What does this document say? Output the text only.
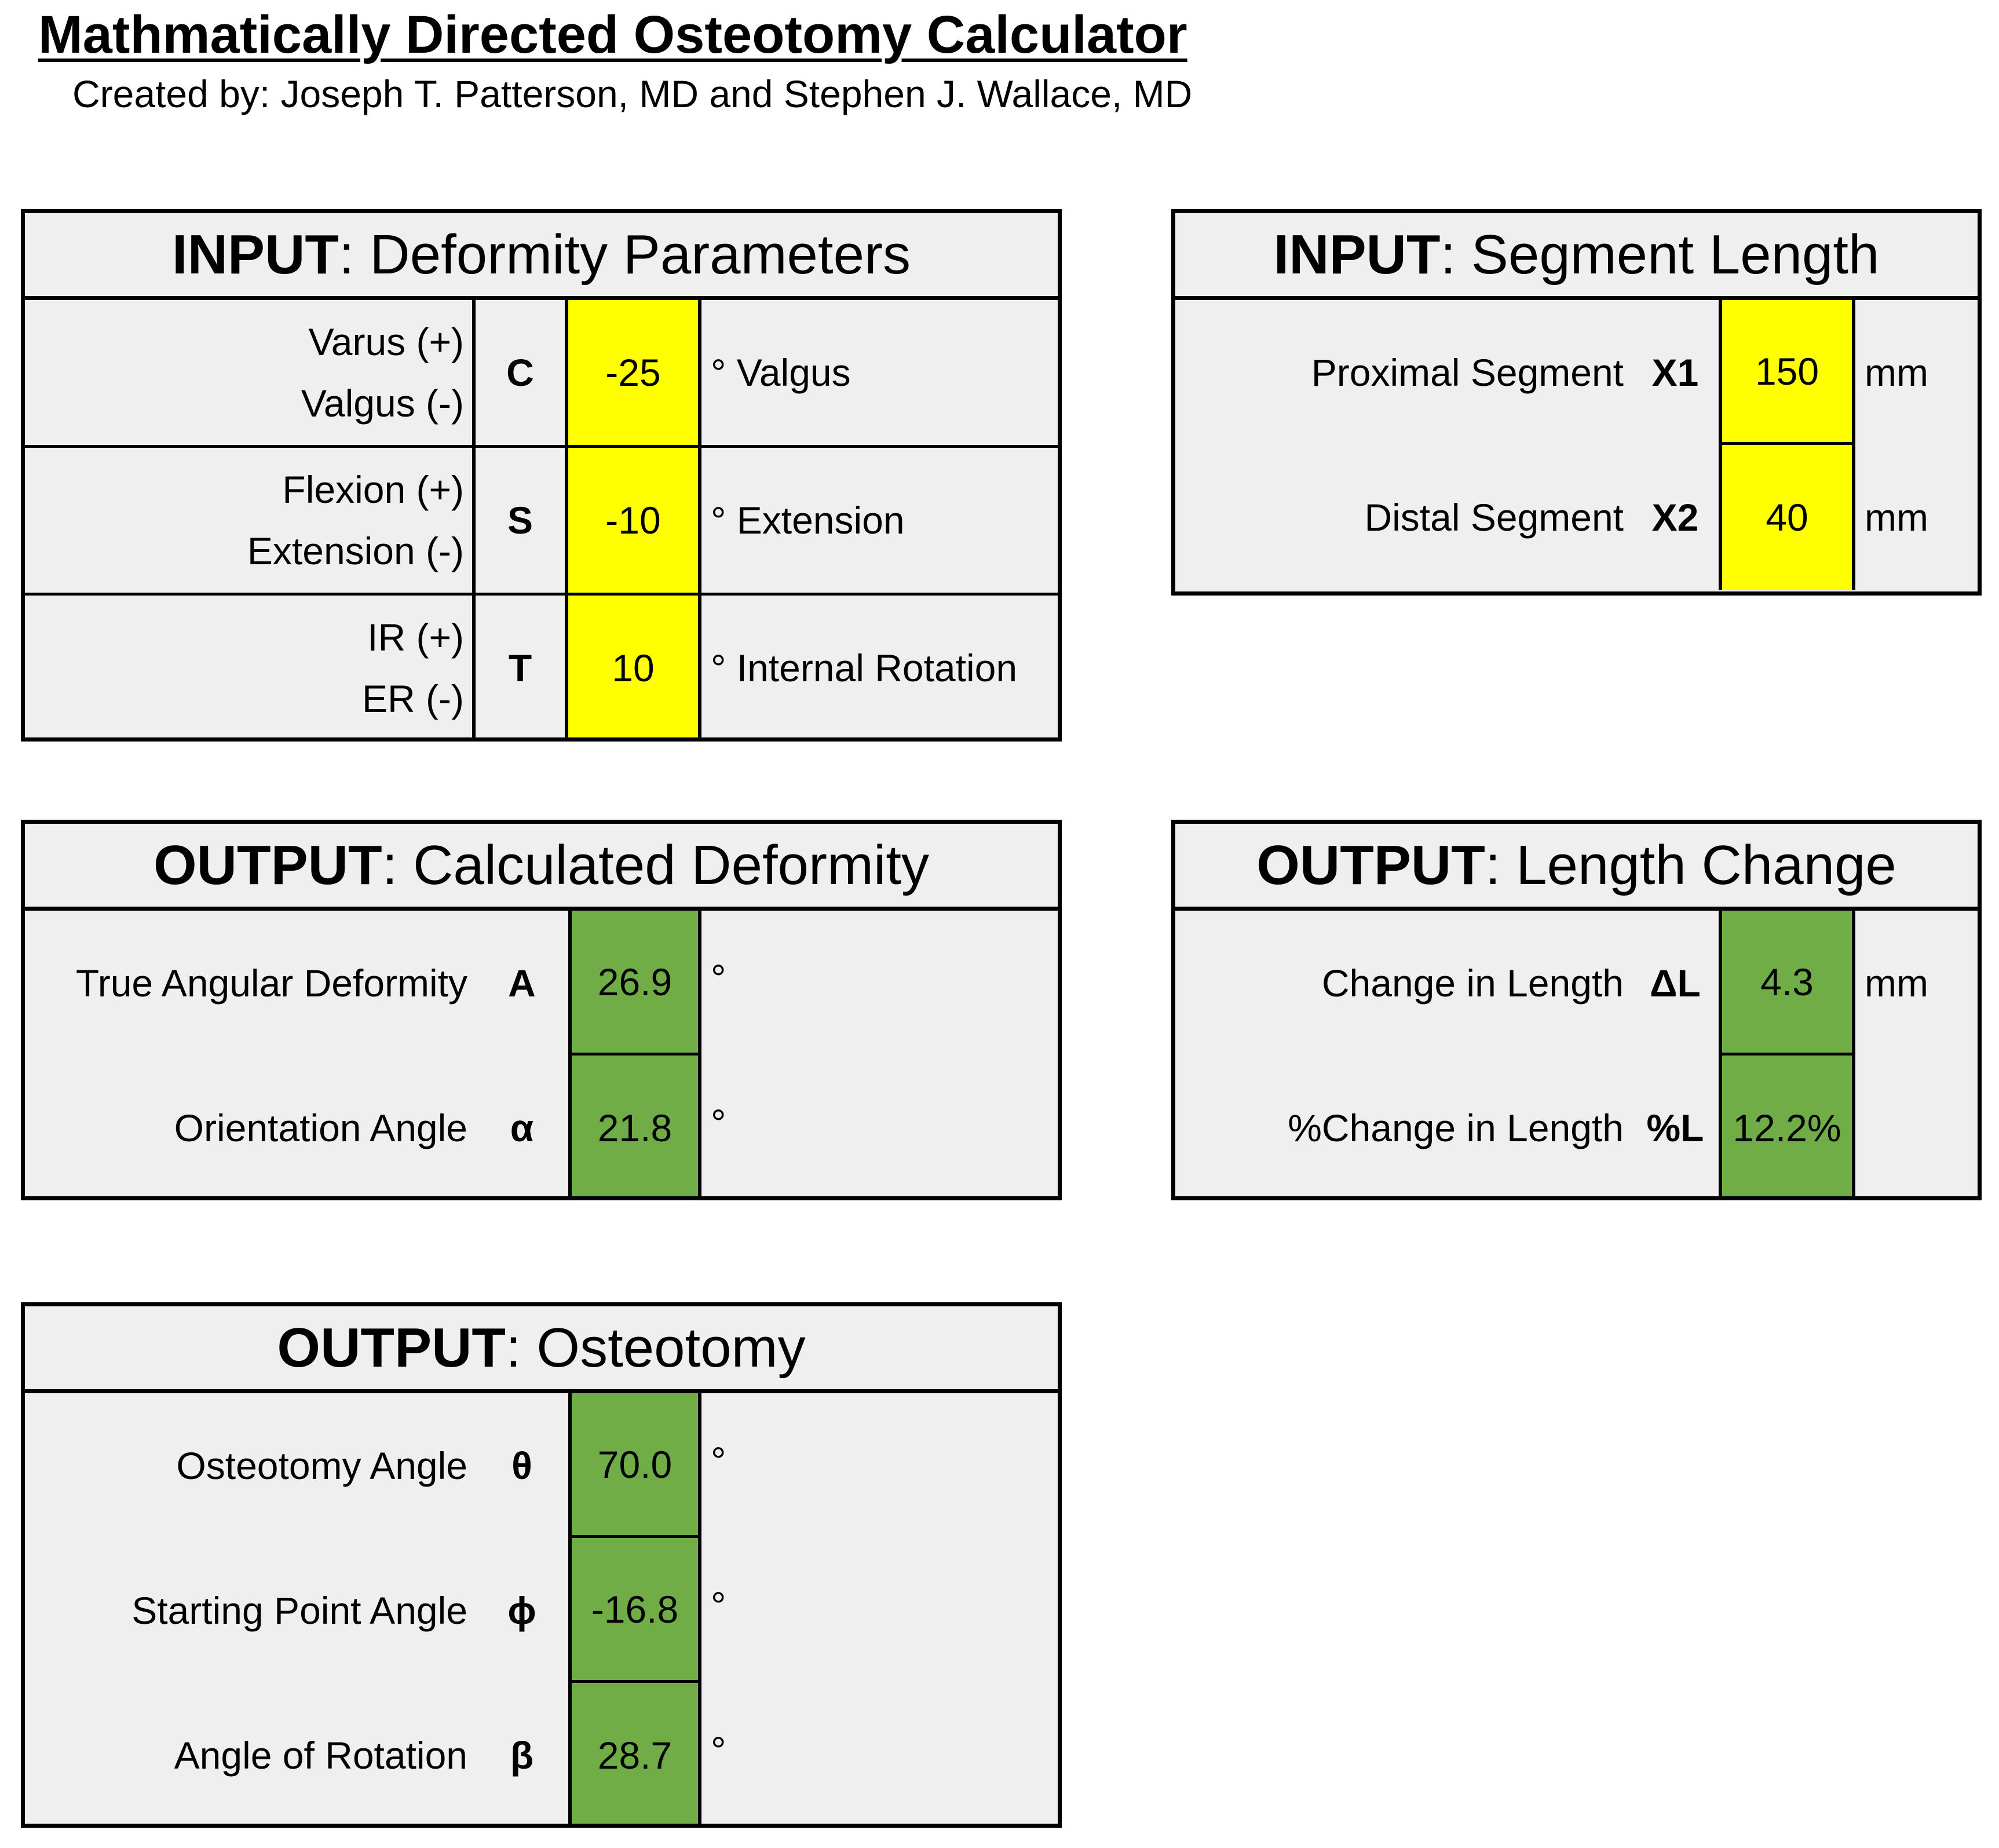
Mathmatically Directed Osteotomy Calculator
Created by: Joseph T. Patterson, MD and Stephen J. Wallace, MD
INPUT : Deformity Parameters
Varus (+)
Valgus (-)
C	-25	° Valgus
Flexion (+)
Extension (-)
S	-10	° Extension
IR (+)
ER (-)
T	10	° Internal Rotation
INPUT : Segment Length
Proximal Segment X1	150	mm
Distal Segment X2	40	mm
OUTPUT : Calculated Deformity
True Angular Deformity	A	26.9	°
Orientation Angle	α	21.8	°
OUTPUT : Length Change
Change in Length ΔL	4.3	mm
%Change in Length %L 12.2%
OUTPUT : Osteotomy
Osteotomy Angle	θ	70.0	°
Starting Point Angle	ϕ	-16.8 °
Angle of Rotation	β	28.7	°
